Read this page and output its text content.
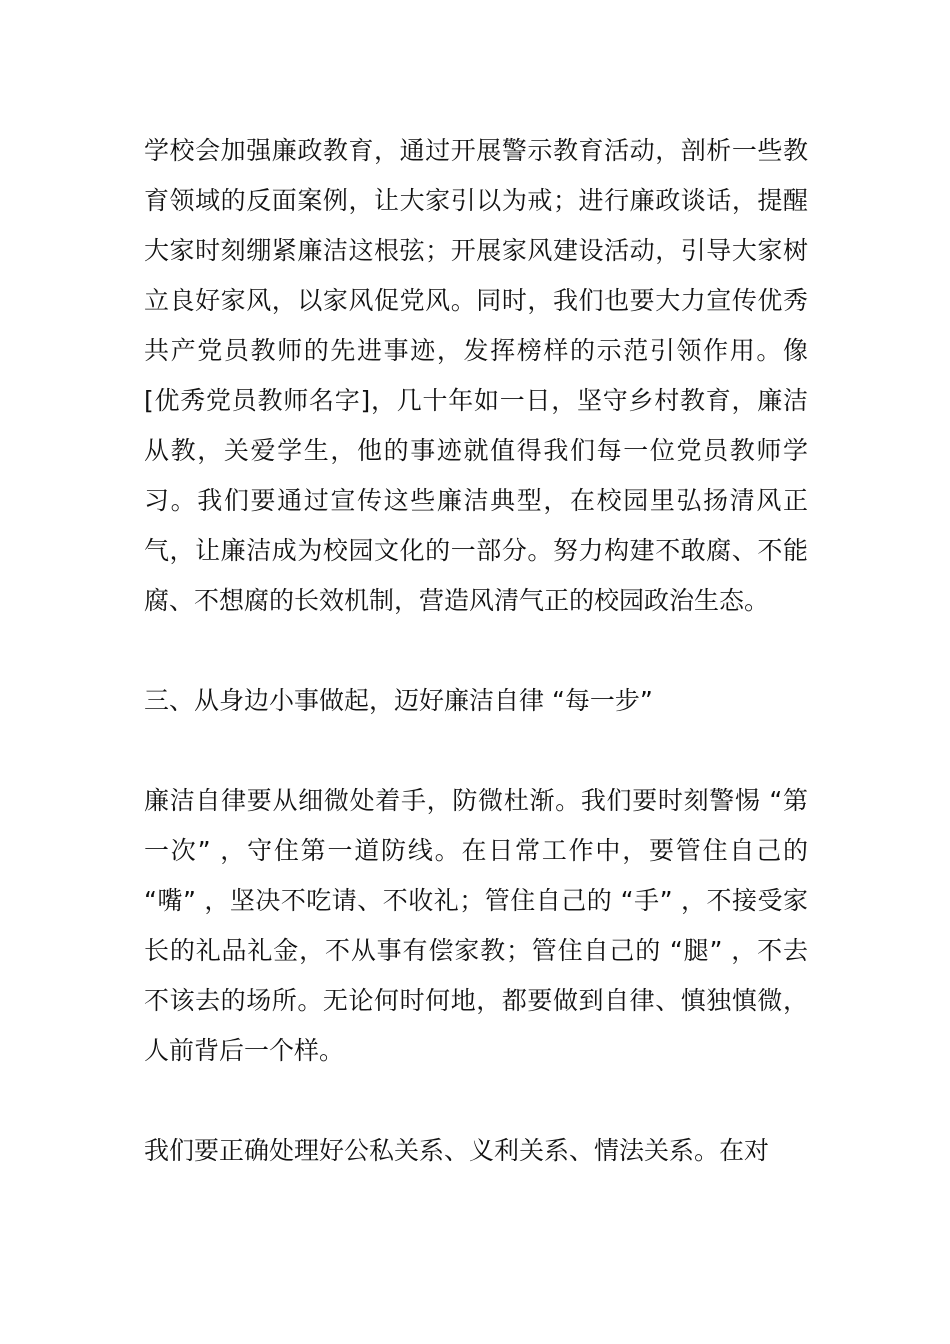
学校会加强廉政教育，通过开展警示教育活动，剖析一些教育领域的反面案例，让大家引以为戒；进行廉政谈话，提醒大家时刻绷紧廉洁这根弦；开展家风建设活动，引导大家树立良好家风，以家风促党风。同时，我们也要大力宣传优秀共产党员教师的先进事迹，发挥榜样的示范引领作用。像 [优秀党员教师名字]，几十年如一日，坚守乡村教育，廉洁从教，关爱学生，他的事迹就值得我们每一位党员教师学习。我们要通过宣传这些廉洁典型，在校园里弘扬清风正气，让廉洁成为校园文化的一部分。努力构建不敢腐、不能腐、不想腐的长效机制，营造风清气正的校园政治生态。

三、从身边小事做起，迈好廉洁自律 “每一步”

廉洁自律要从细微处着手，防微杜渐。我们要时刻警惕 “第一次” ，守住第一道防线。在日常工作中，要管住自己的 “嘴” ，坚决不吃请、不收礼；管住自己的 “手” ，不接受家长的礼品礼金，不从事有偿家教；管住自己的 “腿” ，不去不该去的场所。无论何时何地，都要做到自律、慎独慎微，人前背后一个样。

我们要正确处理好公私关系、义利关系、情法关系。在对
